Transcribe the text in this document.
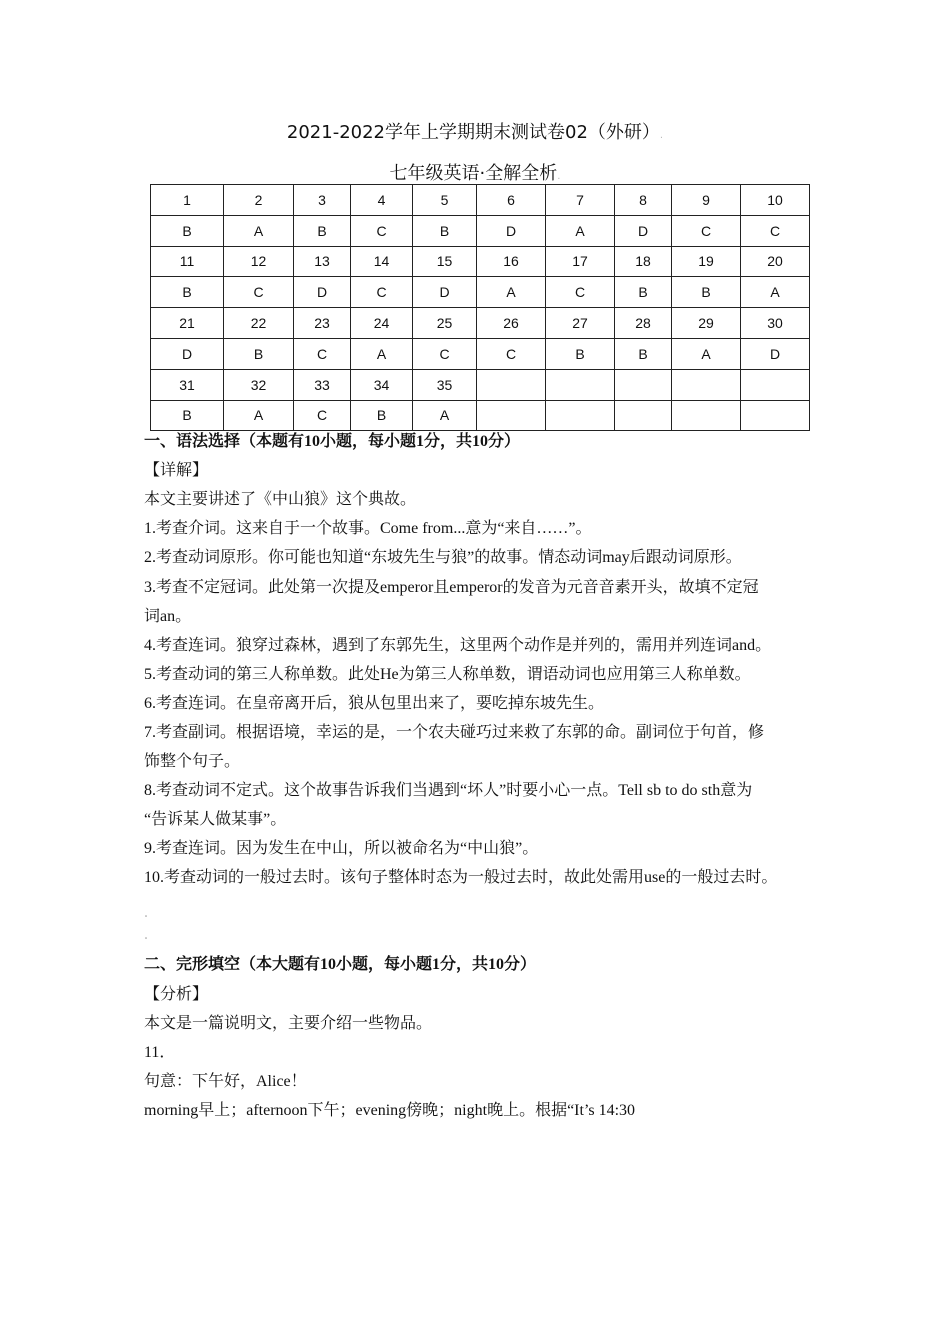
2021-2022学年上学期期末测试卷02（外研）.
七年级英语·全解全析.
1	2	3	4	5	6	7	8	9	10
B	A	B	C	B	D	A	D	C	C
11	12	13	14	15	16	17	18	19	20
B	C	D	C	D	A	C	B	B	A
21	22	23	24	25	26	27	28	29	30
D	B	C	A	C	C	B	B	A	D
31	32	33	34	35					
B	A	C	B	A					
一、语法选择（本题有10小题，每小题1分，共10分）
【详解】
本文主要讲述了《中山狼》这个典故。
1.考查介词。这来自于一个故事。Come from...意为“来自……”。
2.考查动词原形。你可能也知道“东坡先生与狼”的故事。情态动词may后跟动词原形。
3.考查不定冠词。此处第一次提及emperor且emperor的发音为元音音素开头，故填不定冠
词an。
4.考查连词。狼穿过森林，遇到了东郭先生，这里两个动作是并列的，需用并列连词and。
5.考查动词的第三人称单数。此处He为第三人称单数，谓语动词也应用第三人称单数。
6.考查连词。在皇帝离开后，狼从包里出来了，要吃掉东坡先生。
7.考查副词。根据语境，幸运的是，一个农夫碰巧过来救了东郭的命。副词位于句首，修
饰整个句子。
8.考查动词不定式。这个故事告诉我们当遇到“坏人”时要小心一点。Tell sb to do sth意为
“告诉某人做某事”。
9.考查连词。因为发生在中山，所以被命名为“中山狼”。
10.考查动词的一般过去时。该句子整体时态为一般过去时，故此处需用use的一般过去时。
二、完形填空（本大题有10小题，每小题1分，共10分）
【分析】
本文是一篇说明文，主要介绍一些物品。
11．
句意：下午好，Alice！
morning早上；afternoon下午；evening傍晚；night晚上。根据“It’s 14:30
.
.
